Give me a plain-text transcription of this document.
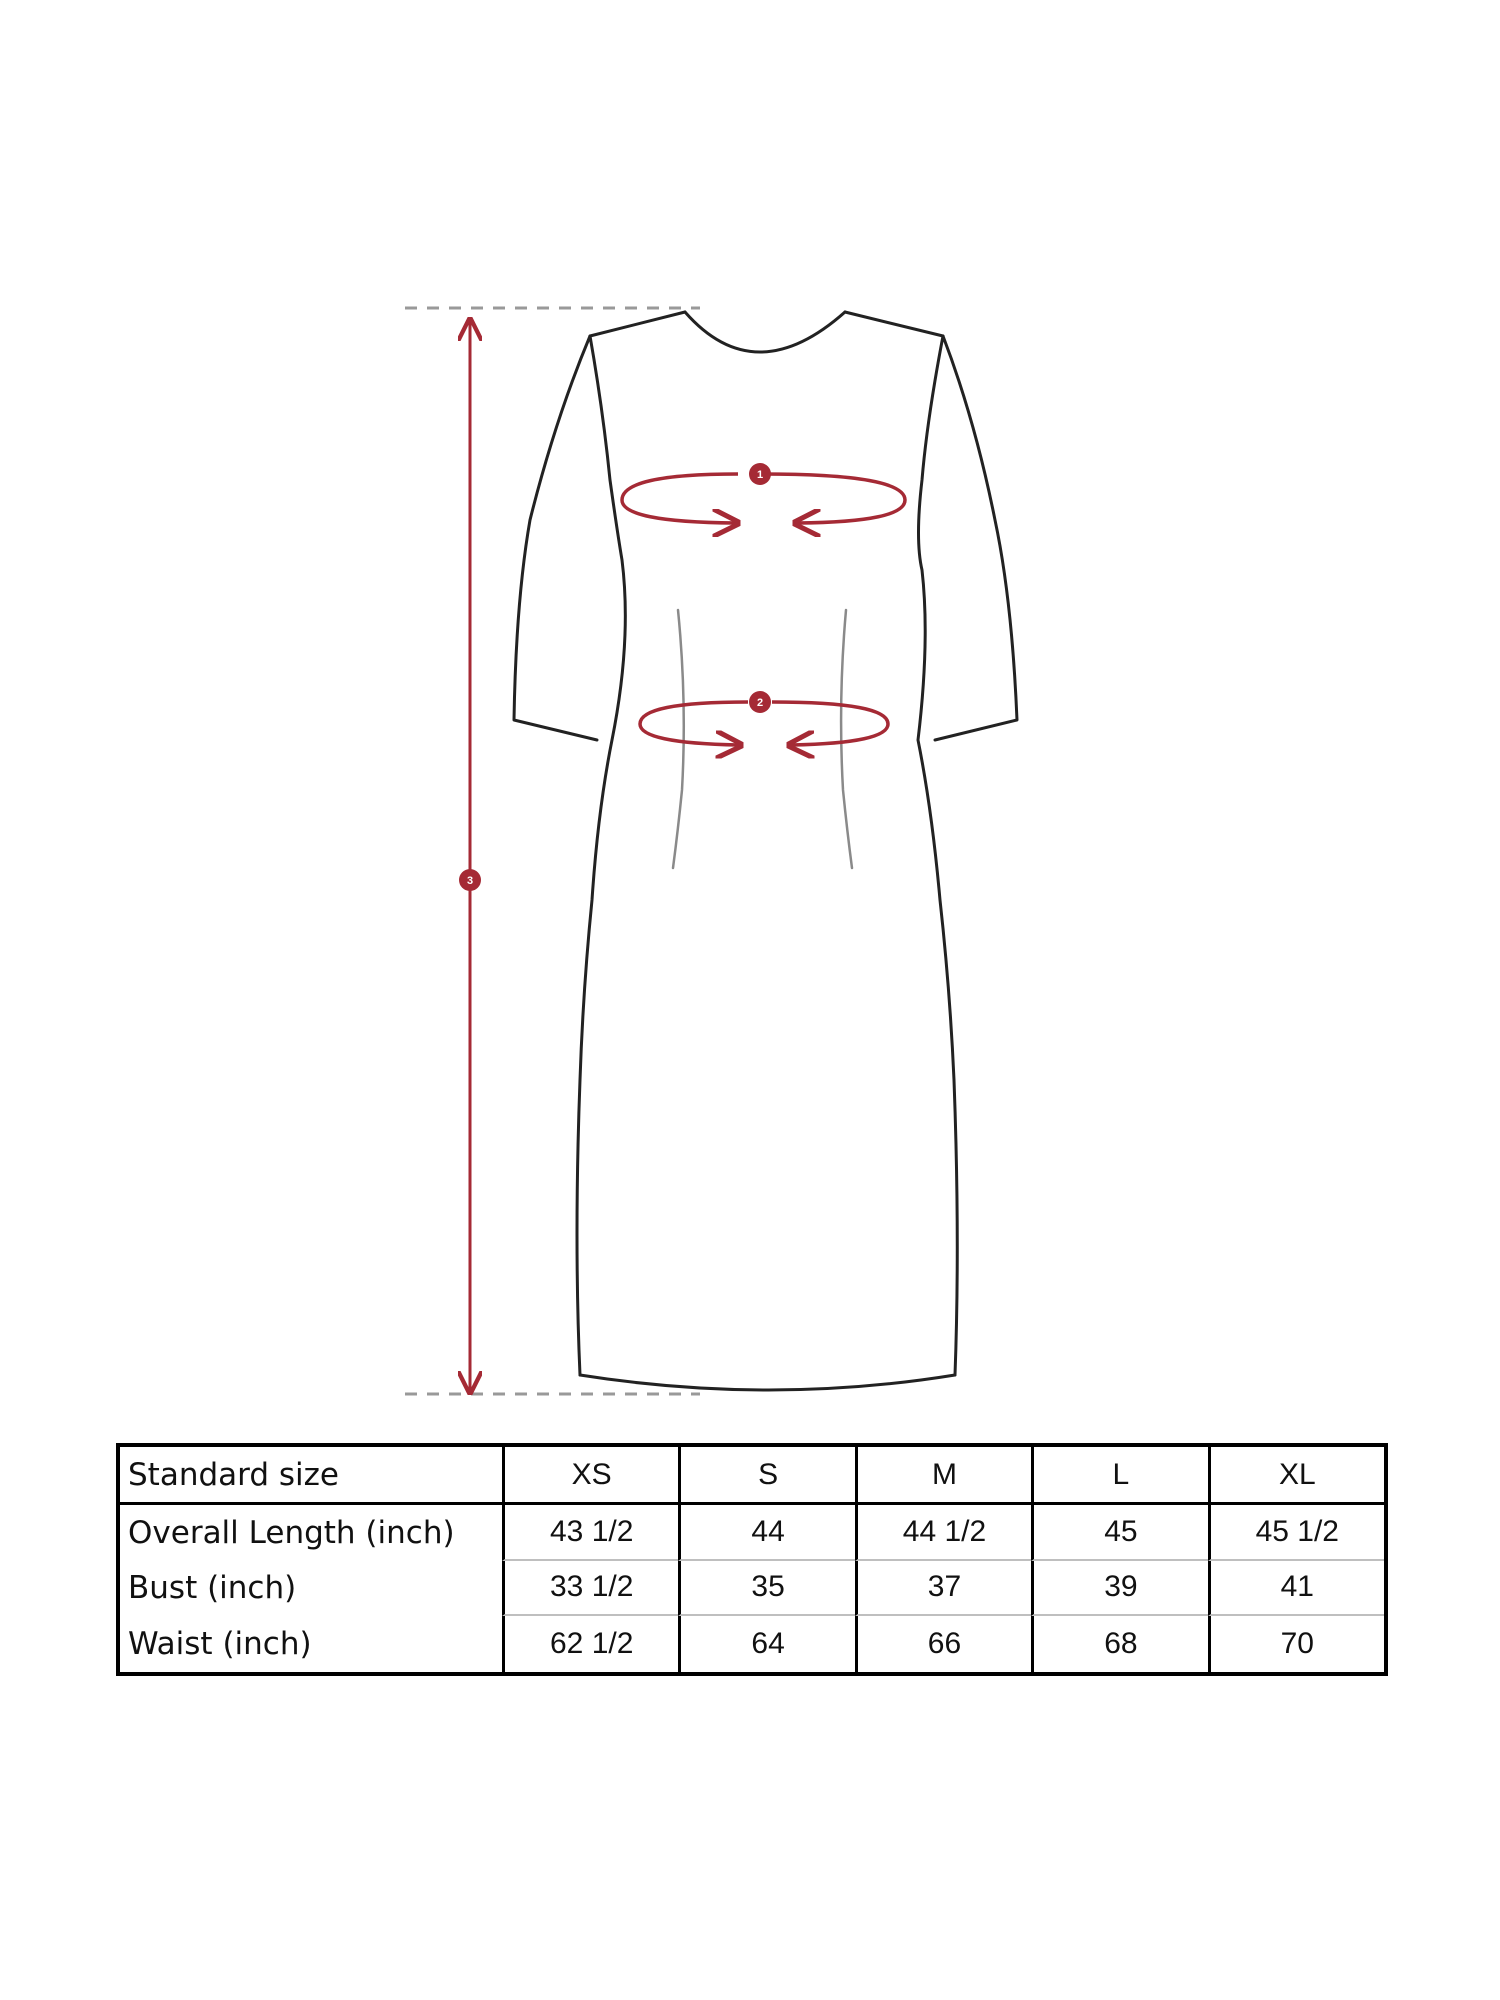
1
2
3
Standard size	XS	S	M	L	XL
Overall Length (inch)	43 1/2	44	44 1/2	45	45 1/2
Bust (inch)	33 1/2	35	37	39	41
Waist (inch)	62 1/2	64	66	68	70
